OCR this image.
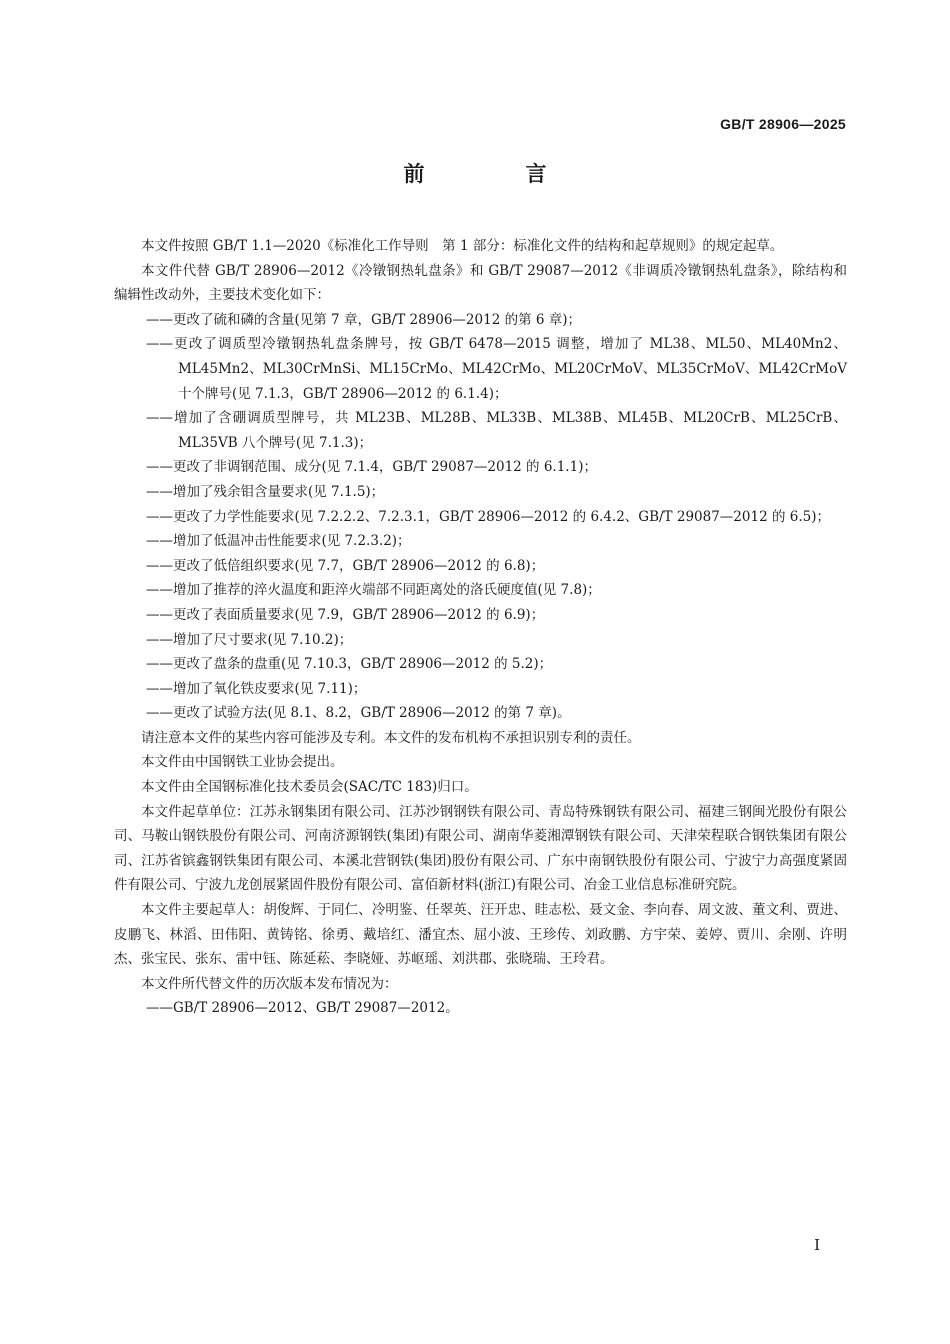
GB/T 28906—2025
前　言

本文件按照 GB/T 1.1—2020《标准化工作导则　第 1 部分：标准化文件的结构和起草规则》的规定起草。

本文件代替 GB/T 28906—2012《冷镦钢热轧盘条》和 GB/T 29087—2012《非调质冷镦钢热轧盘条》，除结构和编辑性改动外，主要技术变化如下：

——更改了硫和磷的含量(见第 7 章，GB/T 28906—2012 的第 6 章)；

——更改了调质型冷镦钢热轧盘条牌号，按 GB/T 6478—2015 调整，增加了 ML38、ML50、ML40Mn2、ML45Mn2、ML30CrMnSi、ML15CrMo、ML42CrMo、ML20CrMoV、ML35CrMoV、ML42CrMoV 十个牌号(见 7.1.3，GB/T 28906—2012 的 6.1.4)；

——增加了含硼调质型牌号，共 ML23B、ML28B、ML33B、ML38B、ML45B、ML20CrB、ML25CrB、ML35VB 八个牌号(见 7.1.3)；

——更改了非调钢范围、成分(见 7.1.4，GB/T 29087—2012 的 6.1.1)；

——增加了残余钼含量要求(见 7.1.5)；

——更改了力学性能要求(见 7.2.2.2、7.2.3.1，GB/T 28906—2012 的 6.4.2、GB/T 29087—2012 的 6.5)；

——增加了低温冲击性能要求(见 7.2.3.2)；

——更改了低倍组织要求(见 7.7，GB/T 28906—2012 的 6.8)；

——增加了推荐的淬火温度和距淬火端部不同距离处的洛氏硬度值(见 7.8)；

——更改了表面质量要求(见 7.9，GB/T 28906—2012 的 6.9)；

——增加了尺寸要求(见 7.10.2)；

——更改了盘条的盘重(见 7.10.3，GB/T 28906—2012 的 5.2)；

——增加了氧化铁皮要求(见 7.11)；

——更改了试验方法(见 8.1、8.2，GB/T 28906—2012 的第 7 章)。

请注意本文件的某些内容可能涉及专利。本文件的发布机构不承担识别专利的责任。

本文件由中国钢铁工业协会提出。

本文件由全国钢标准化技术委员会(SAC/TC 183)归口。

本文件起草单位：江苏永钢集团有限公司、江苏沙钢钢铁有限公司、青岛特殊钢铁有限公司、福建三钢闽光股份有限公司、马鞍山钢铁股份有限公司、河南济源钢铁(集团)有限公司、湖南华菱湘潭钢铁有限公司、天津荣程联合钢铁集团有限公司、江苏省镔鑫钢铁集团有限公司、本溪北营钢铁(集团)股份有限公司、广东中南钢铁股份有限公司、宁波宁力高强度紧固件有限公司、宁波九龙创展紧固件股份有限公司、富佰新材料(浙江)有限公司、冶金工业信息标准研究院。

本文件主要起草人：胡俊辉、于同仁、冷明鉴、任翠英、汪开忠、眭志松、聂文金、李向春、周文波、董文利、贾进、皮鹏飞、林滔、田伟阳、黄铸铭、徐勇、戴培红、潘宜杰、屈小波、王珍传、刘政鹏、方宇荣、姜婷、贾川、余刚、许明杰、张宝民、张东、雷中钰、陈延菘、李晓娅、苏岖瑶、刘洪郡、张晓瑞、王玲君。

本文件所代替文件的历次版本发布情况为：

——GB/T 28906—2012、GB/T 29087—2012。

I
